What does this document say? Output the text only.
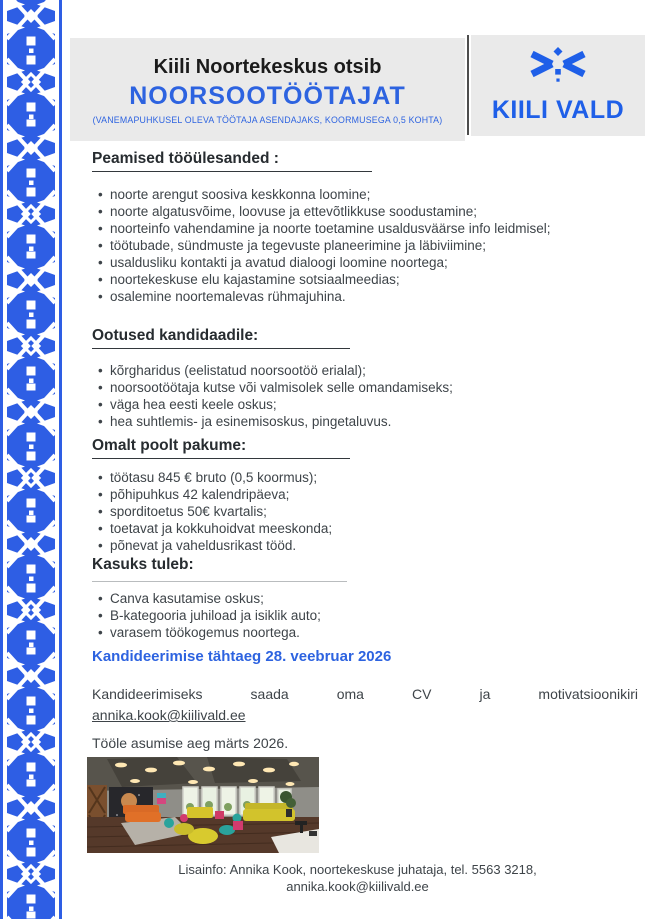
Kiili Noortekeskus otsib
NOORSOOTÖÖTAJAT
(VANEMAPUHKUSEL OLEVA TÖÖTAJA ASENDAJAKS, KOORMUSEGA 0,5 KOHTA) KIILI VALD
Peamised tööülesanded :
• noorte arengut soosiva keskkonna loomine;
• noorte algatusvõime, loovuse ja ettevõtlikkuse soodustamine;
• noorteinfo vahendamine ja noorte toetamine usaldusväärse info leidmisel;
• töötubade, sündmuste ja tegevuste planeerimine ja läbiviimine;
• usaldusliku kontakti ja avatud dialoogi loomine noortega;
• noortekeskuse elu kajastamine sotsiaalmeedias;
• osalemine noortemalevas rühmajuhina.
Ootused kandidaadile:
• kõrgharidus (eelistatud noorsootöö erialal);
• noorsootöötaja kutse või valmisolek selle omandamiseks;
• väga hea eesti keele oskus;
• hea suhtlemis- ja esinemisoskus, pingetaluvus.
Omalt poolt pakume:
• töötasu 845 € bruto (0,5 koormus);
• põhipuhkus 42 kalendripäeva;
• sporditoetus 50€ kvartalis;
• toetavat ja kokkuhoidvat meeskonda;
• põnevat ja vaheldusrikast tööd.
Kasuks tuleb:
• Canva kasutamise oskus;
• B-kategooria juhiload ja isiklik auto;
• varasem töökogemus noortega.
Kandideerimise tähtaeg 28. veebruar 2026
Kandideerimiseks saada oma CV ja motivatsioonikiri
annika.kook@kiilivald.ee
Tööle asumise aeg märts 2026.
Lisainfo: Annika Kook, noortekeskuse juhataja, tel. 5563 3218,
annika.kook@kiilivald.ee
